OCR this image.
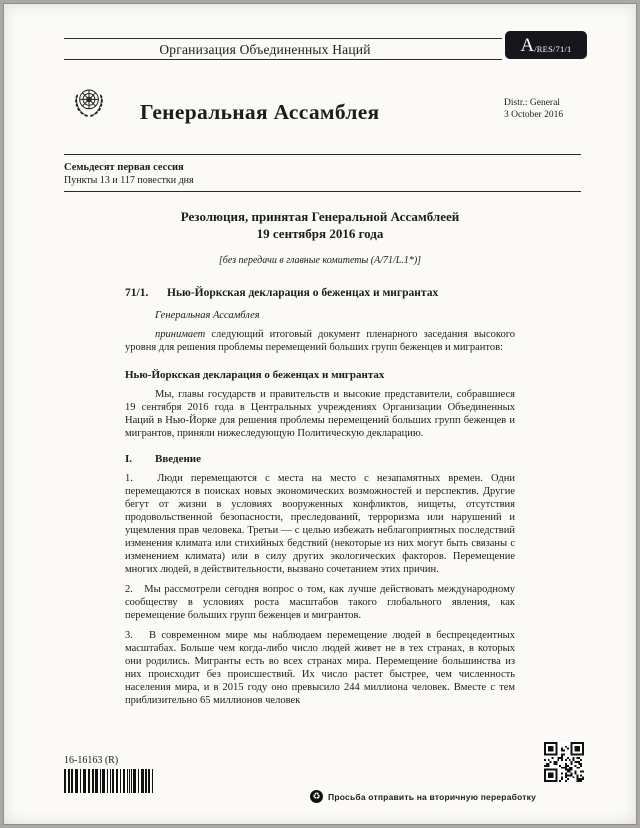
Организация Объединенных Наций	A /RES/71/1
Генеральная Ассамблея	Distr.: General
3 October 2016
Семьдесят первая сессия
Пункты 13 и 117 повестки дня
Резолюция, принятая Генеральной Ассамблеей
19 сентября 2016 года
[без передачи в главные комитеты (A/71/L.1*)]
71/1.	Нью-Йоркская декларация о беженцах и мигрантах
Генеральная Ассамблея

принимает следующий итоговый документ пленарного заседания высокого уровня для решения проблемы перемещений больших групп беженцев и мигрантов:

Нью-Йоркская декларация о беженцах и мигрантах

Мы, главы государств и правительств и высокие представители, собравшиеся 19 сентября 2016 года в Центральных учреждениях Организации Объединенных Наций в Нью-Йорке для решения проблемы перемещений больших групп беженцев и мигрантов, приняли нижеследующую Политическую декларацию.

I.	Введение

1.   Люди перемещаются с места на место с незапамятных времен. Одни перемещаются в поисках новых экономических возможностей и перспектив. Другие бегут от жизни в условиях вооруженных конфликтов, нищеты, отсутствия продовольственной безопасности, преследований, терроризма или нарушений и ущемления прав человека. Третьи — с целью избежать неблагоприятных последствий изменения климата или стихийных бедствий (некоторые из них могут быть связаны с изменением климата) или в силу других экологических факторов. Перемещение многих людей, в действительности, вызвано сочетанием этих причин.

2.   Мы рассмотрели сегодня вопрос о том, как лучше действовать международному сообществу в условиях роста масштабов такого глобального явления, как перемещение больших групп беженцев и мигрантов.

3.   В современном мире мы наблюдаем перемещение людей в беспрецедентных масштабах. Больше чем когда-либо число людей живет не в тех странах, в которых они родились. Мигранты есть во всех странах мира. Перемещение большинства из них происходит без происшествий. Их число растет быстрее, чем численность населения мира, и в 2015 году оно превысило 244 миллиона человек. Вместе с тем приблизительно 65 миллионов человек

16-16163 (R)
♻ Просьба отправить на вторичную переработку
